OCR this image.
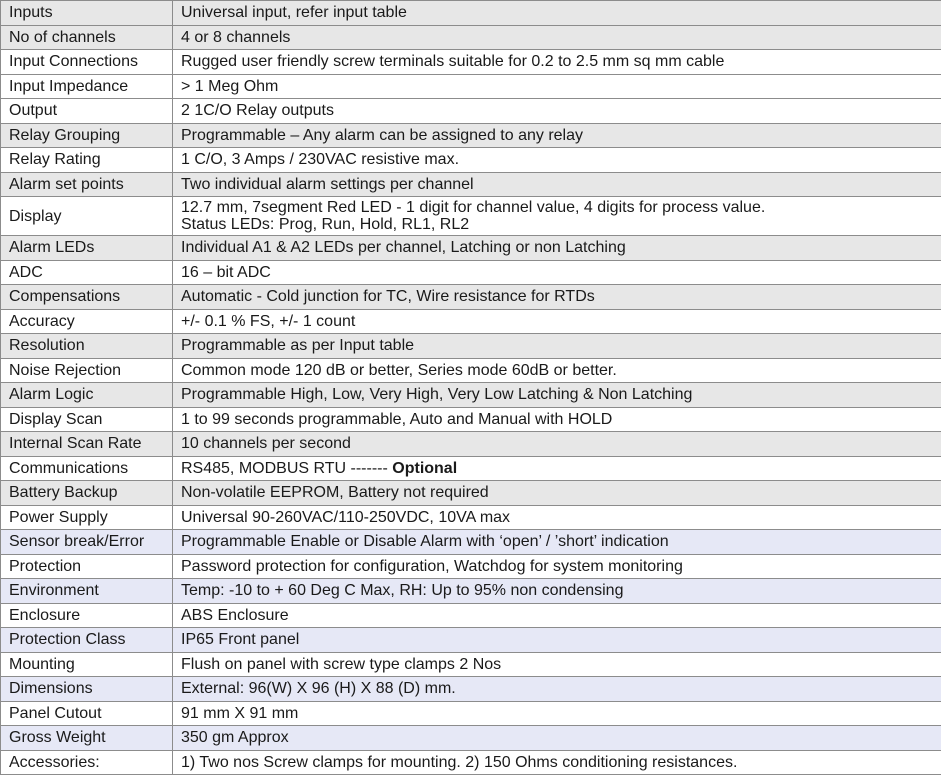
Inputs	Universal input, refer input table
No of channels	4 or 8 channels
Input Connections	Rugged user friendly screw terminals suitable for 0.2 to 2.5 mm sq mm cable
Input Impedance	> 1 Meg Ohm
Output	2 1C/O Relay outputs
Relay Grouping	Programmable – Any alarm can be assigned to any relay
Relay Rating	1 C/O, 3 Amps / 230VAC resistive max.
Alarm set points	Two individual alarm settings per channel
Display	12.7 mm, 7segment Red LED - 1 digit for channel value, 4 digits for process value.
Status LEDs: Prog, Run, Hold, RL1, RL2

Alarm LEDs	Individual A1 & A2 LEDs per channel, Latching or non Latching
ADC	16 – bit ADC
Compensations	Automatic - Cold junction for TC, Wire resistance for RTDs
Accuracy	+/- 0.1 % FS, +/- 1 count
Resolution	Programmable as per Input table
Noise Rejection	Common mode 120 dB or better, Series mode 60dB or better.
Alarm Logic	Programmable High, Low, Very High, Very Low Latching & Non Latching
Display Scan	1 to 99 seconds programmable, Auto and Manual with HOLD
Internal Scan Rate	10 channels per second
Communications	RS485, MODBUS RTU ------- Optional
Battery Backup	Non-volatile EEPROM, Battery not required
Power Supply	Universal 90-260VAC/110-250VDC, 10VA max
Sensor break/Error	Programmable Enable or Disable Alarm with ‘open’ / ’short’ indication
Protection	Password protection for configuration, Watchdog for system monitoring
Environment	Temp: -10 to + 60 Deg C Max, RH: Up to 95% non condensing
Enclosure	ABS Enclosure
Protection Class	IP65 Front panel
Mounting	Flush on panel with screw type clamps 2 Nos
Dimensions	External: 96(W) X 96 (H) X 88 (D) mm.
Panel Cutout	91 mm X 91 mm
Gross Weight	350 gm Approx
Accessories:	1) Two nos Screw clamps for mounting. 2) 150 Ohms conditioning resistances.
